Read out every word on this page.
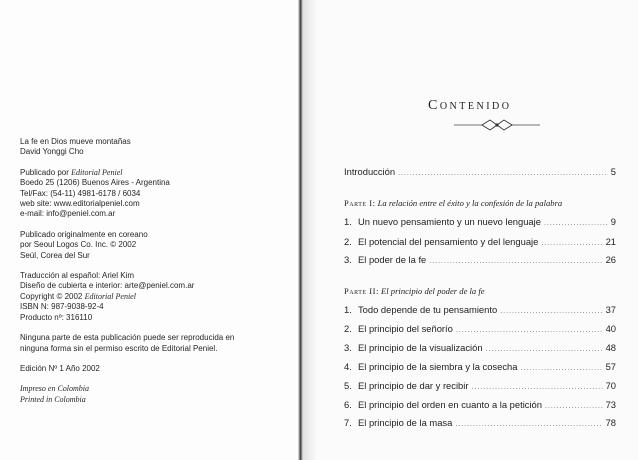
La fe en Dios mueve montañas
David Yonggi Cho
Publicado por Editorial Peniel
Boedo 25 (1206) Buenos Aires - Argentina
Tel/Fax: (54-11) 4981-6178 / 6034
web site: www.editorialpeniel.com
e-mail: info@peniel.com.ar
Publicado originalmente en coreano
por Seoul Logos Co. Inc. © 2002
Seúl, Corea del Sur
Traducción al español: Ariel Kim
Diseño de cubierta e interior: arte@peniel.com.ar
Copyright © 2002 Editorial Peniel
ISBN N: 987-9038-92-4
Producto nº: 316110
Ninguna parte de esta publicación puede ser reproducida en
ninguna forma sin el permiso escrito de Editorial Peniel.
Edición Nº 1 Año 2002
Impreso en Colombia
Printed in Colombia
Contenido
Introducción .....	5
Parte I: La relación entre el éxito y la confesión de la palabra
1. Un nuevo pensamiento y un nuevo lenguaje .....	9
2. El potencial del pensamiento y del lenguaje .....	21
3. El poder de la fe .....	26
Parte II: El principio del poder de la fe
1. Todo depende de tu pensamiento .....	37
2. El principio del señorío .....	40
3. El principio de la visualización .....	48
4. El principio de la siembra y la cosecha .....	57
5. El principio de dar y recibir .....	70
6. El principio del orden en cuanto a la petición .....	73
7. El principio de la masa .....	78
